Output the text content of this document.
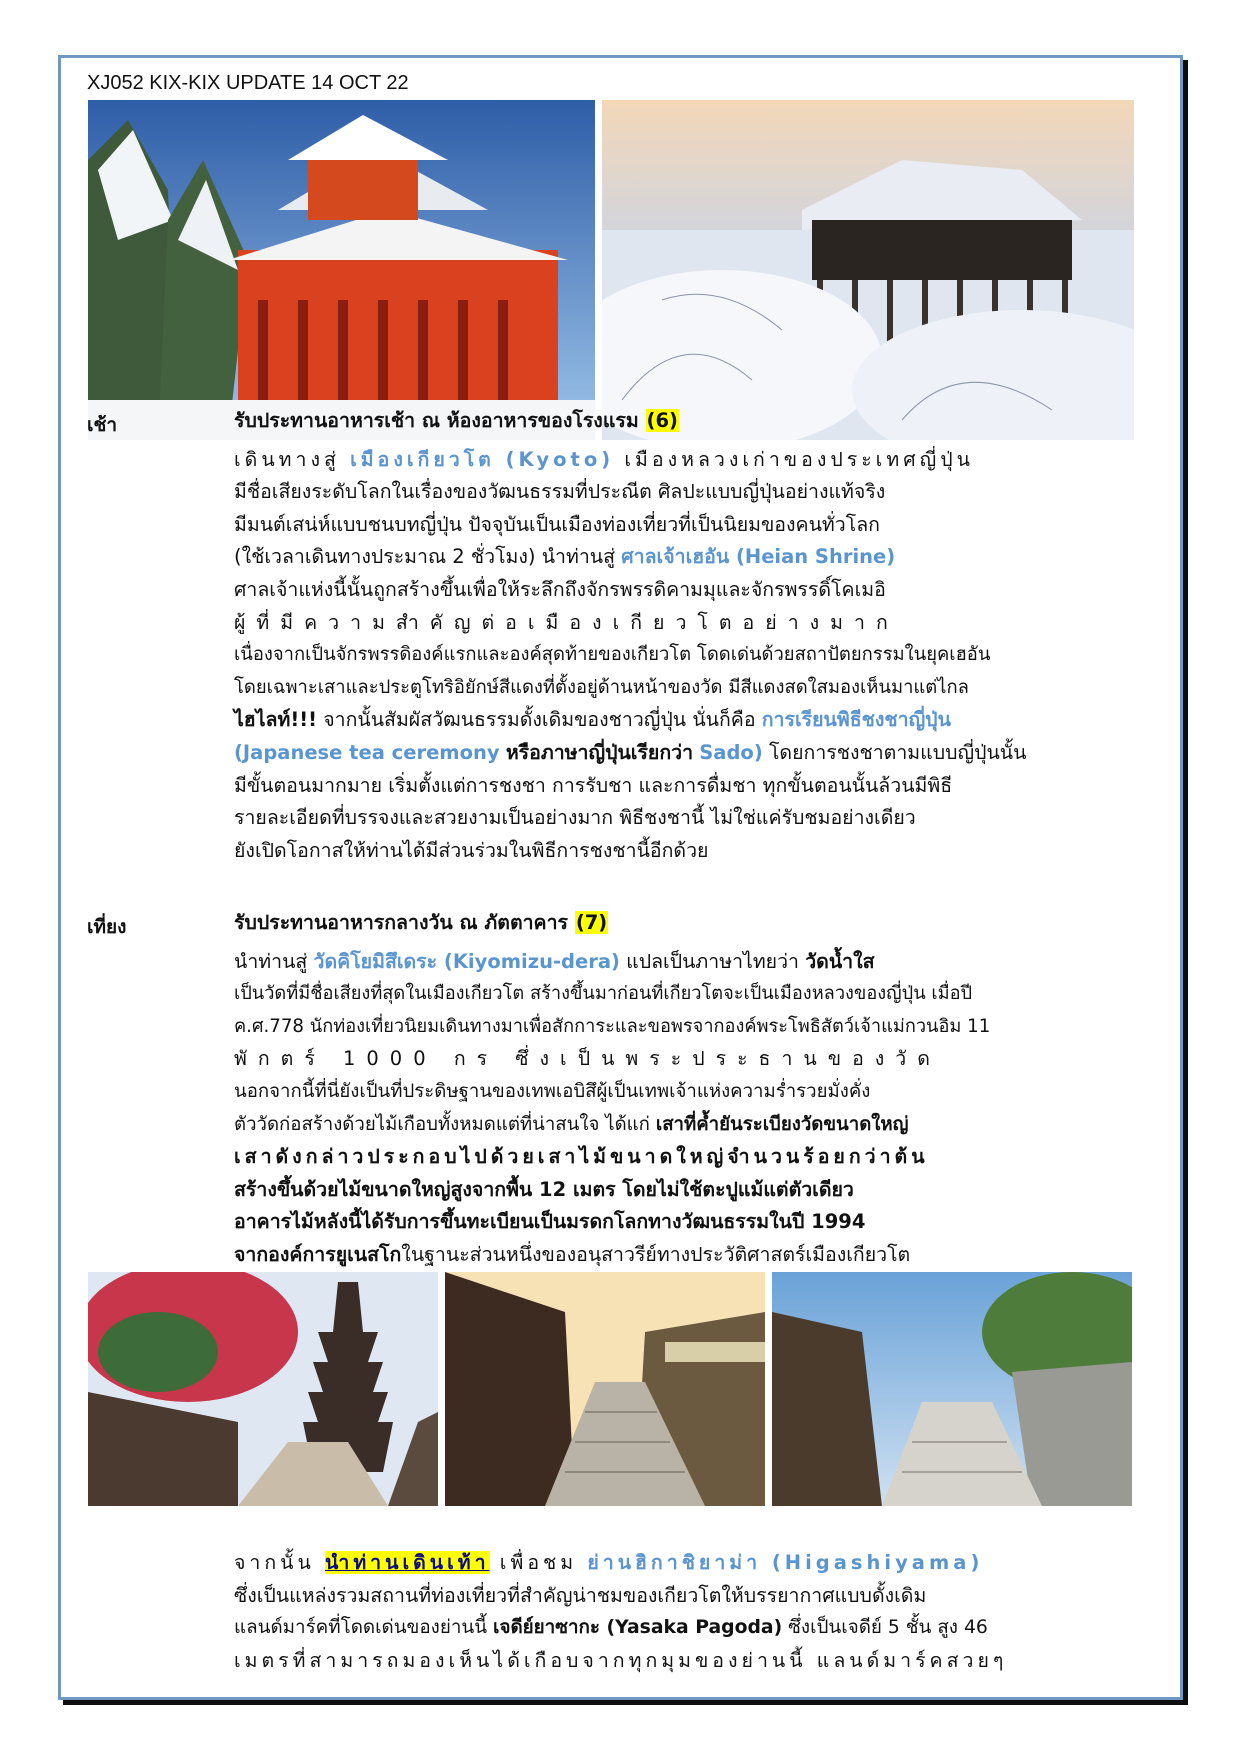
XJ052 KIX-KIX UPDATE 14 OCT 22
เช้า	รับประทานอาหารเช้า ณ ห้องอาหารของโรงแรม (6)

เดินทางสู่ เมืองเกียวโต (Kyoto) เมืองหลวงเก่าของประเทศญี่ปุ่น

มีชื่อเสียงระดับโลกในเรื่องของวัฒนธรรมที่ประณีต ศิลปะแบบญี่ปุ่นอย่างแท้จริง

มีมนต์เสน่ห์แบบชนบทญี่ปุ่น ปัจจุบันเป็นเมืองท่องเที่ยวที่เป็นนิยมของคนทั่วโลก

(ใช้เวลาเดินทางประมาณ 2 ชั่วโมง) นำท่านสู่ ศาลเจ้าเฮอัน (Heian Shrine)

ศาลเจ้าแห่งนี้นั้นถูกสร้างขึ้นเพื่อให้ระลึกถึงจักรพรรดิคามมุและจักรพรรดิ์โคเมอิ

ผู้ที่มีความสำคัญต่อเมืองเกียวโตอย่างมาก

เนื่องจากเป็นจักรพรรดิองค์แรกและองค์สุดท้ายของเกียวโต โดดเด่นด้วยสถาปัตยกรรมในยุคเฮอัน

โดยเฉพาะเสาและประตูโทริอิยักษ์สีแดงที่ตั้งอยู่ด้านหน้าของวัด มีสีแดงสดใสมองเห็นมาแต่ไกล

ไฮไลท์!!! จากนั้นสัมผัสวัฒนธรรมดั้งเดิมของชาวญี่ปุ่น นั่นก็คือ การเรียนพิธีชงชาญี่ปุ่น

(Japanese tea ceremony หรือภาษาญี่ปุ่นเรียกว่า Sado) โดยการชงชาตามแบบญี่ปุ่นนั้น

มีขั้นตอนมากมาย เริ่มตั้งแต่การชงชา การรับชา และการดื่มชา ทุกขั้นตอนนั้นล้วนมีพิธี

รายละเอียดที่บรรจงและสวยงามเป็นอย่างมาก พิธีชงชานี้ ไม่ใช่แค่รับชมอย่างเดียว

ยังเปิดโอกาสให้ท่านได้มีส่วนร่วมในพิธีการชงชานี้อีกด้วย

เที่ยง	รับประทานอาหารกลางวัน ณ ภัตตาคาร (7)

นำท่านสู่ วัดคิโยมิสึเดระ (Kiyomizu-dera) แปลเป็นภาษาไทยว่า วัดน้ำใส

เป็นวัดที่มีชื่อเสียงที่สุดในเมืองเกียวโต สร้างขึ้นมาก่อนที่เกียวโตจะเป็นเมืองหลวงของญี่ปุ่น เมื่อปี

ค.ศ.778 นักท่องเที่ยวนิยมเดินทางมาเพื่อสักการะและขอพรจากองค์พระโพธิสัตว์เจ้าแม่กวนอิม 11

พักตร์ 1000 กร ซึ่งเป็นพระประธานของวัด

นอกจากนี้ที่นี่ยังเป็นที่ประดิษฐานของเทพเอบิสึผู้เป็นเทพเจ้าแห่งความร่ำรวยมั่งคั่ง

ตัววัดก่อสร้างด้วยไม้เกือบทั้งหมดแต่ที่น่าสนใจ ได้แก่ เสาที่ค้ำยันระเบียงวัดขนาดใหญ่

เสาดังกล่าวประกอบไปด้วยเสาไม้ขนาดใหญ่จำนวนร้อยกว่าต้น

สร้างขึ้นด้วยไม้ขนาดใหญ่สูงจากพื้น 12 เมตร โดยไม่ใช้ตะปูแม้แต่ตัวเดียว

อาคารไม้หลังนี้ได้รับการขึ้นทะเบียนเป็นมรดกโลกทางวัฒนธรรมในปี 1994

จากองค์การยูเนสโกในฐานะส่วนหนึ่งของอนุสาวรีย์ทางประวัติศาสตร์เมืองเกียวโต

จากนั้น นำท่านเดินเท้า เพื่อชม ย่านฮิกาชิยาม่า (Higashiyama)

ซึ่งเป็นแหล่งรวมสถานที่ท่องเที่ยวที่สำคัญน่าชมของเกียวโตให้บรรยากาศแบบดั้งเดิม

แลนด์มาร์คที่โดดเด่นของย่านนี้ เจดีย์ยาซากะ (Yasaka Pagoda) ซึ่งเป็นเจดีย์ 5 ชั้น สูง 46

เมตรที่สามารถมองเห็นได้เกือบจากทุกมุมของย่านนี้ แลนด์มาร์คสวยๆ
